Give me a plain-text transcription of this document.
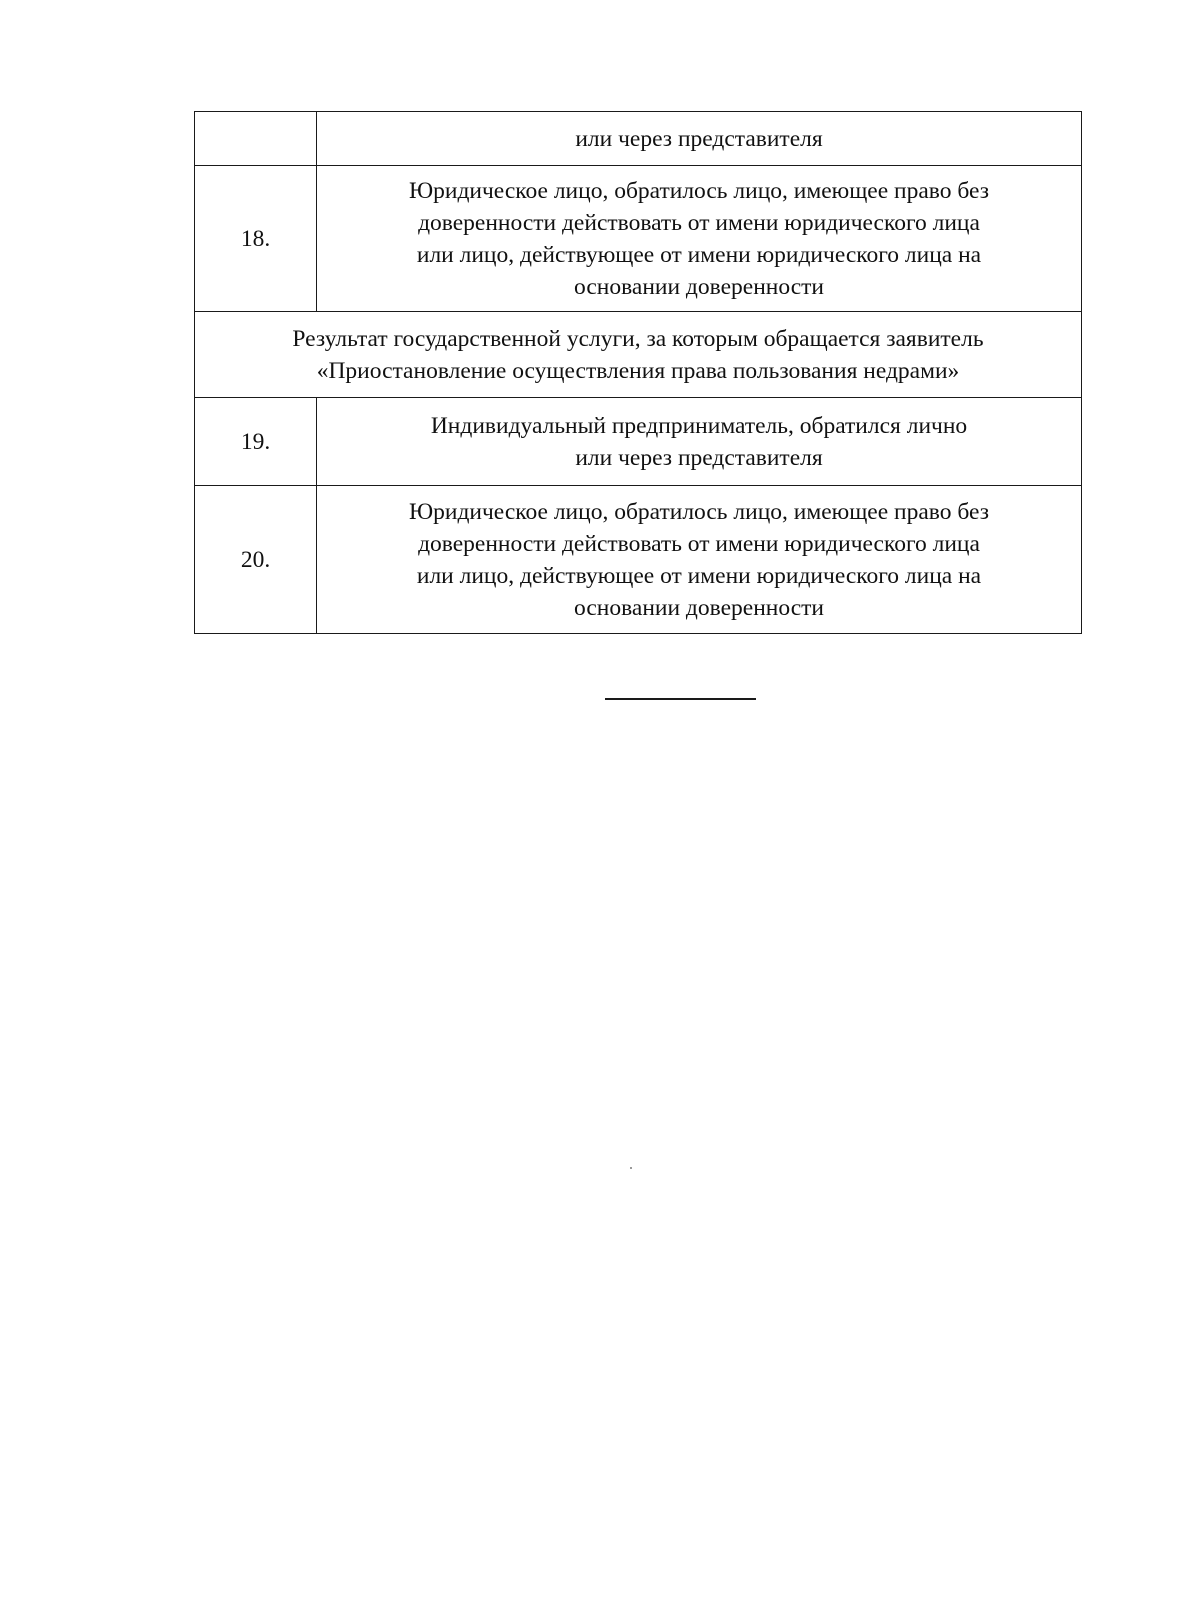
	или через представителя

18.	Юридическое лицо, обратилось лицо, имеющее право без
доверенности действовать от имени юридического лица
или лицо, действующее от имени юридического лица на
основании доверенности

Результат государственной услуги, за которым обращается заявитель
«Приостановление осуществления права пользования недрами»	

19.	Индивидуальный предприниматель, обратился лично
или через представителя

20.	Юридическое лицо, обратилось лицо, имеющее право без
доверенности действовать от имени юридического лица
или лицо, действующее от имени юридического лица на
основании доверенности
